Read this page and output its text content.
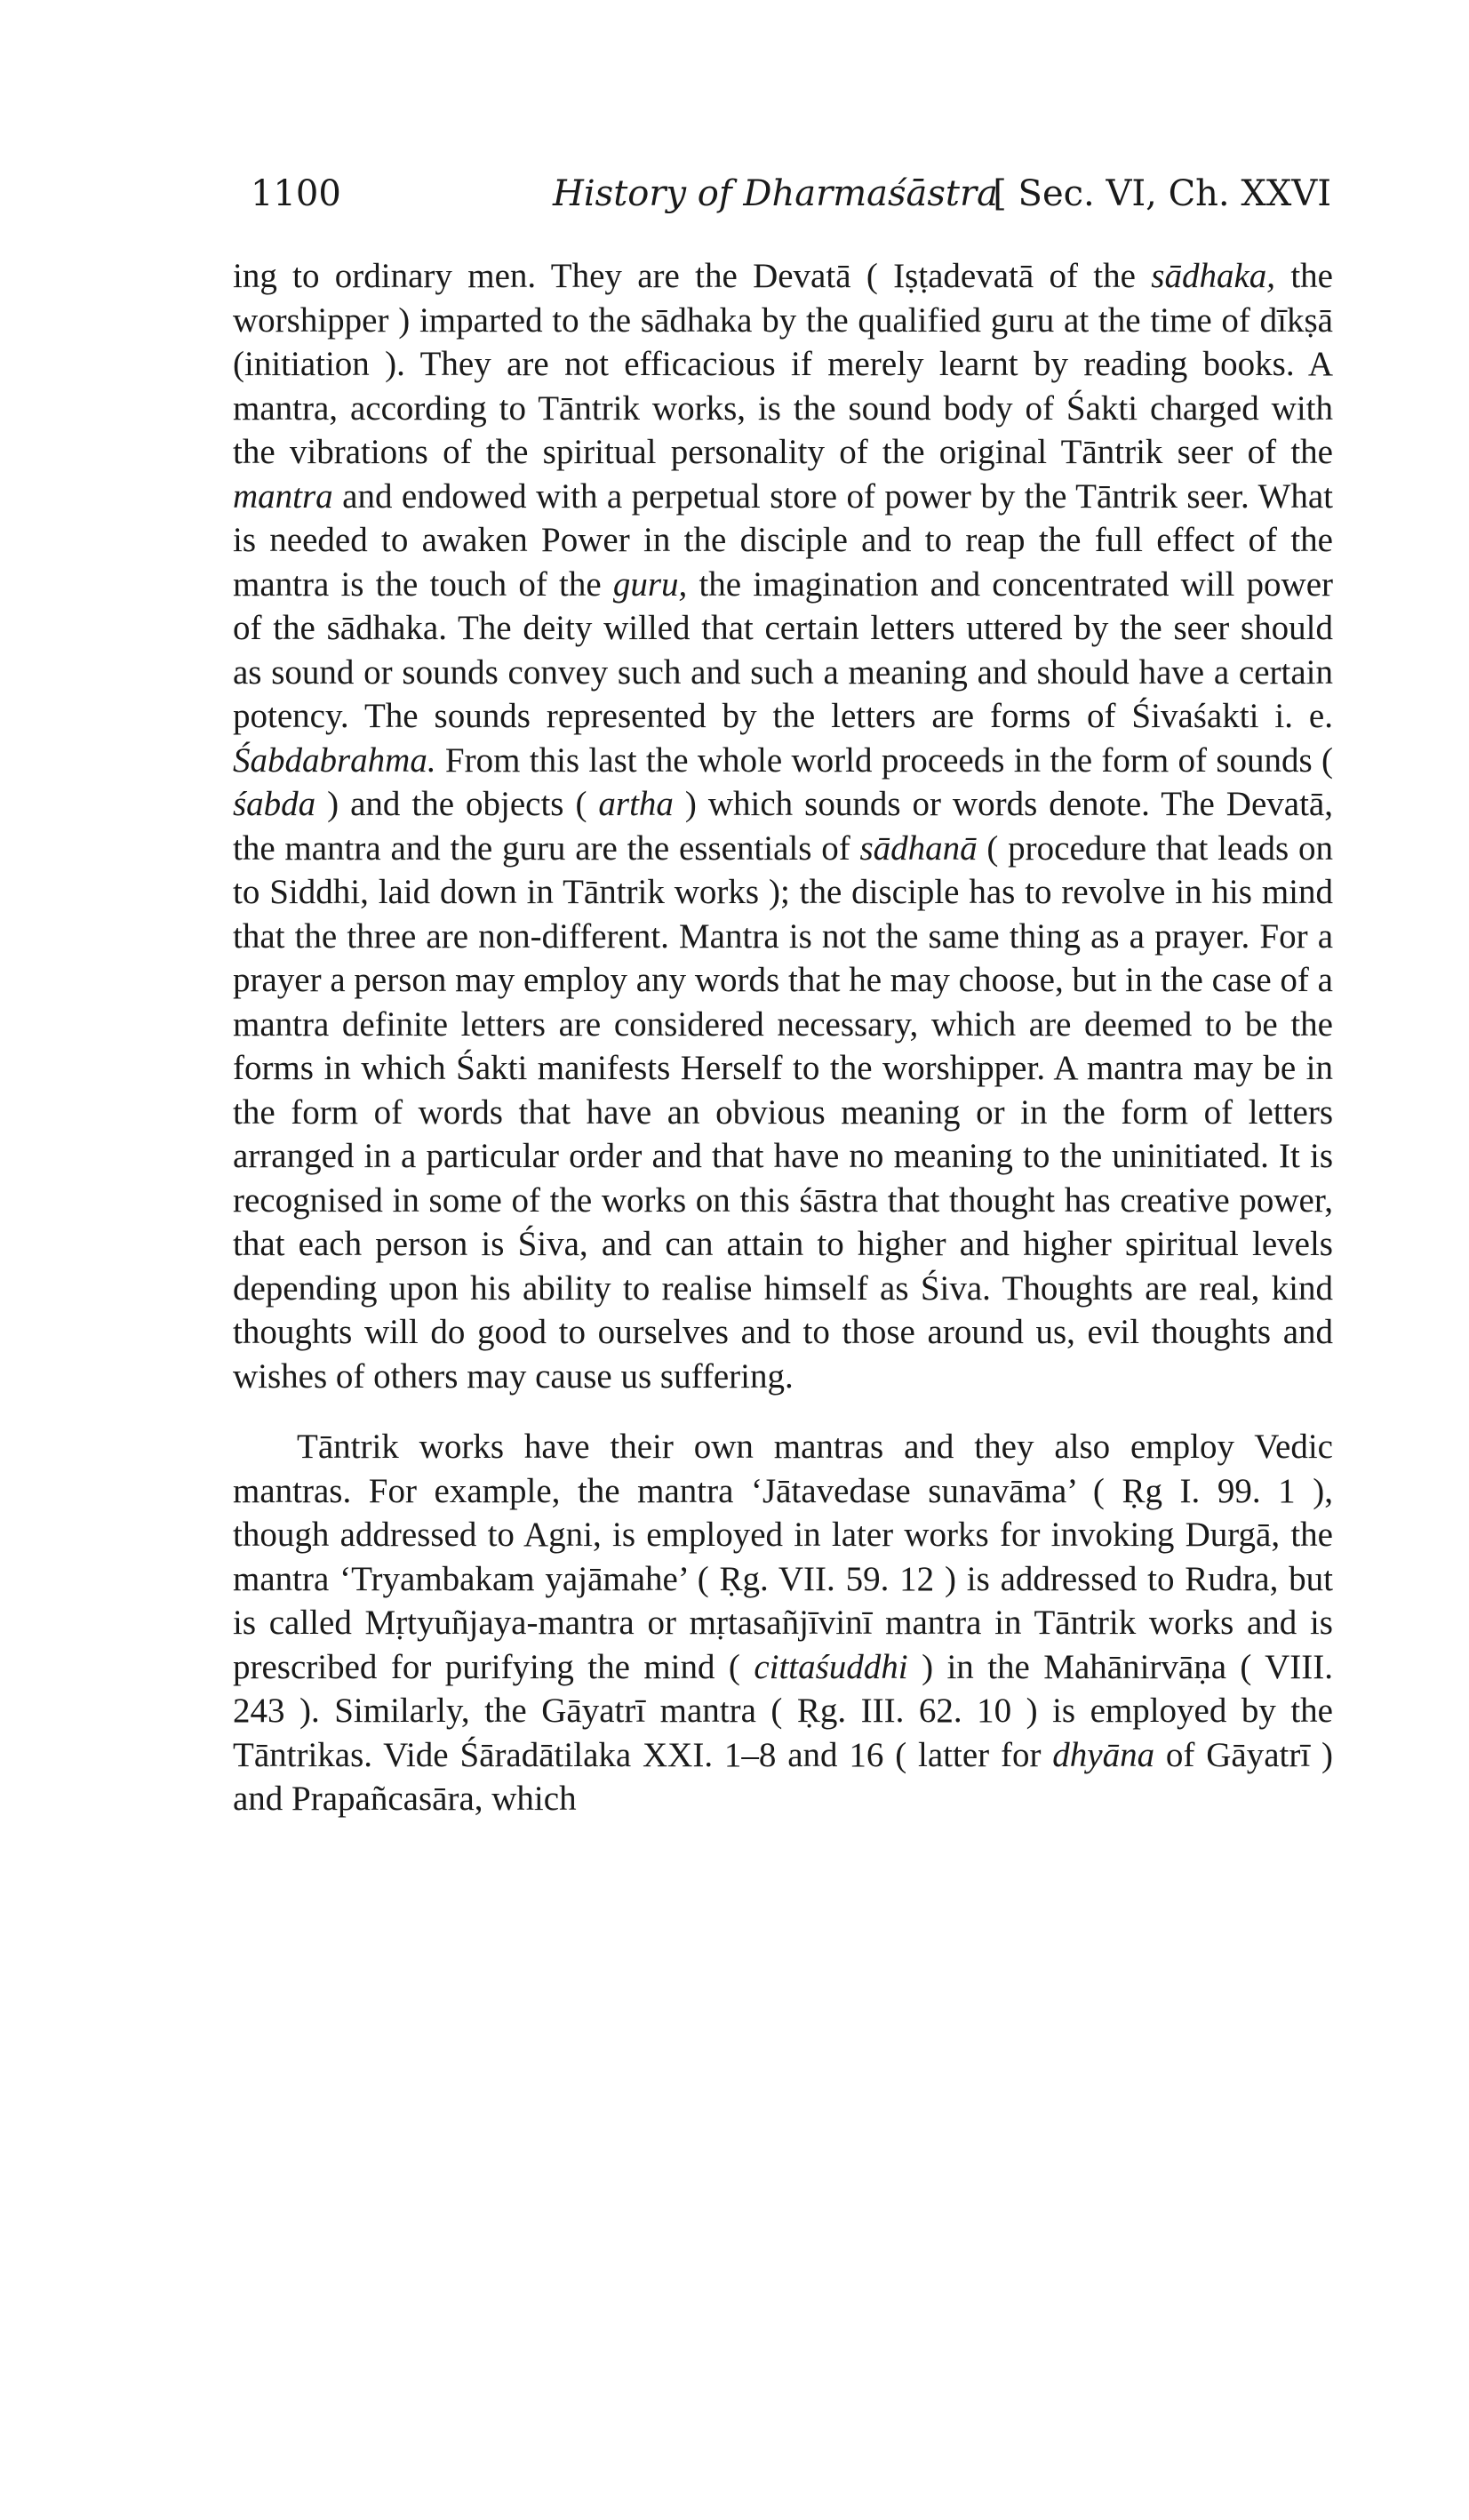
1100	History of Dharmaśāstra
[ Sec. VI, Ch. XXVI

ing to ordinary men. They are the Devatā ( Iṣṭadevatā of the sādhaka, the worshipper ) imparted to the sādhaka by the qualified guru at the time of dīkṣā (initiation ). They are not efficacious if merely learnt by reading books. A mantra, according to Tāntrik works, is the sound body of Śakti charged with the vibrations of the spiritual personality of the original Tāntrik seer of the mantra and endowed with a perpetual store of power by the Tāntrik seer. What is needed to awaken Power in the disciple and to reap the full effect of the mantra is the touch of the guru, the imagination and concentrated will power of the sādhaka. The deity willed that certain letters uttered by the seer should as sound or sounds convey such and such a meaning and should have a certain potency. The sounds represented by the letters are forms of Śivaśakti i. e. Śabdabrahma. From this last the whole world proceeds in the form of sounds ( śabda ) and the objects ( artha ) which sounds or words denote. The Devatā, the mantra and the guru are the essentials of sādhanā ( procedure that leads on to Siddhi, laid down in Tāntrik works ); the disciple has to revolve in his mind that the three are non-different. Mantra is not the same thing as a prayer. For a prayer a person may employ any words that he may choose, but in the case of a mantra definite letters are considered necessary, which are deemed to be the forms in which Śakti manifests Herself to the worshipper. A mantra may be in the form of words that have an obvious meaning or in the form of letters arranged in a particular order and that have no meaning to the uninitiated. It is recognised in some of the works on this śāstra that thought has creative power, that each person is Śiva, and can attain to higher and higher spiritual levels depending upon his ability to realise himself as Śiva. Thoughts are real, kind thoughts will do good to ourselves and to those around us, evil thoughts and wishes of others may cause us suffering.

Tāntrik works have their own mantras and they also employ Vedic mantras. For example, the mantra ‘Jātavedase sunavāma’ ( Ṛg I. 99. 1 ), though addressed to Agni, is employed in later works for invoking Durgā, the mantra ‘Tryambakam yajāmahe’ ( Ṛg. VII. 59. 12 ) is addressed to Rudra, but is called Mṛtyuñjaya-mantra or mṛtasañjīvinī mantra in Tāntrik works and is prescribed for purifying the mind ( cittaśuddhi ) in the Mahānirvāṇa ( VIII. 243 ). Similarly, the Gāyatrī mantra ( Ṛg. III. 62. 10 ) is employed by the Tāntrikas. Vide Śāradātilaka XXI. 1–8 and 16 ( latter for dhyāna of Gāyatrī ) and Prapañcasāra, which
